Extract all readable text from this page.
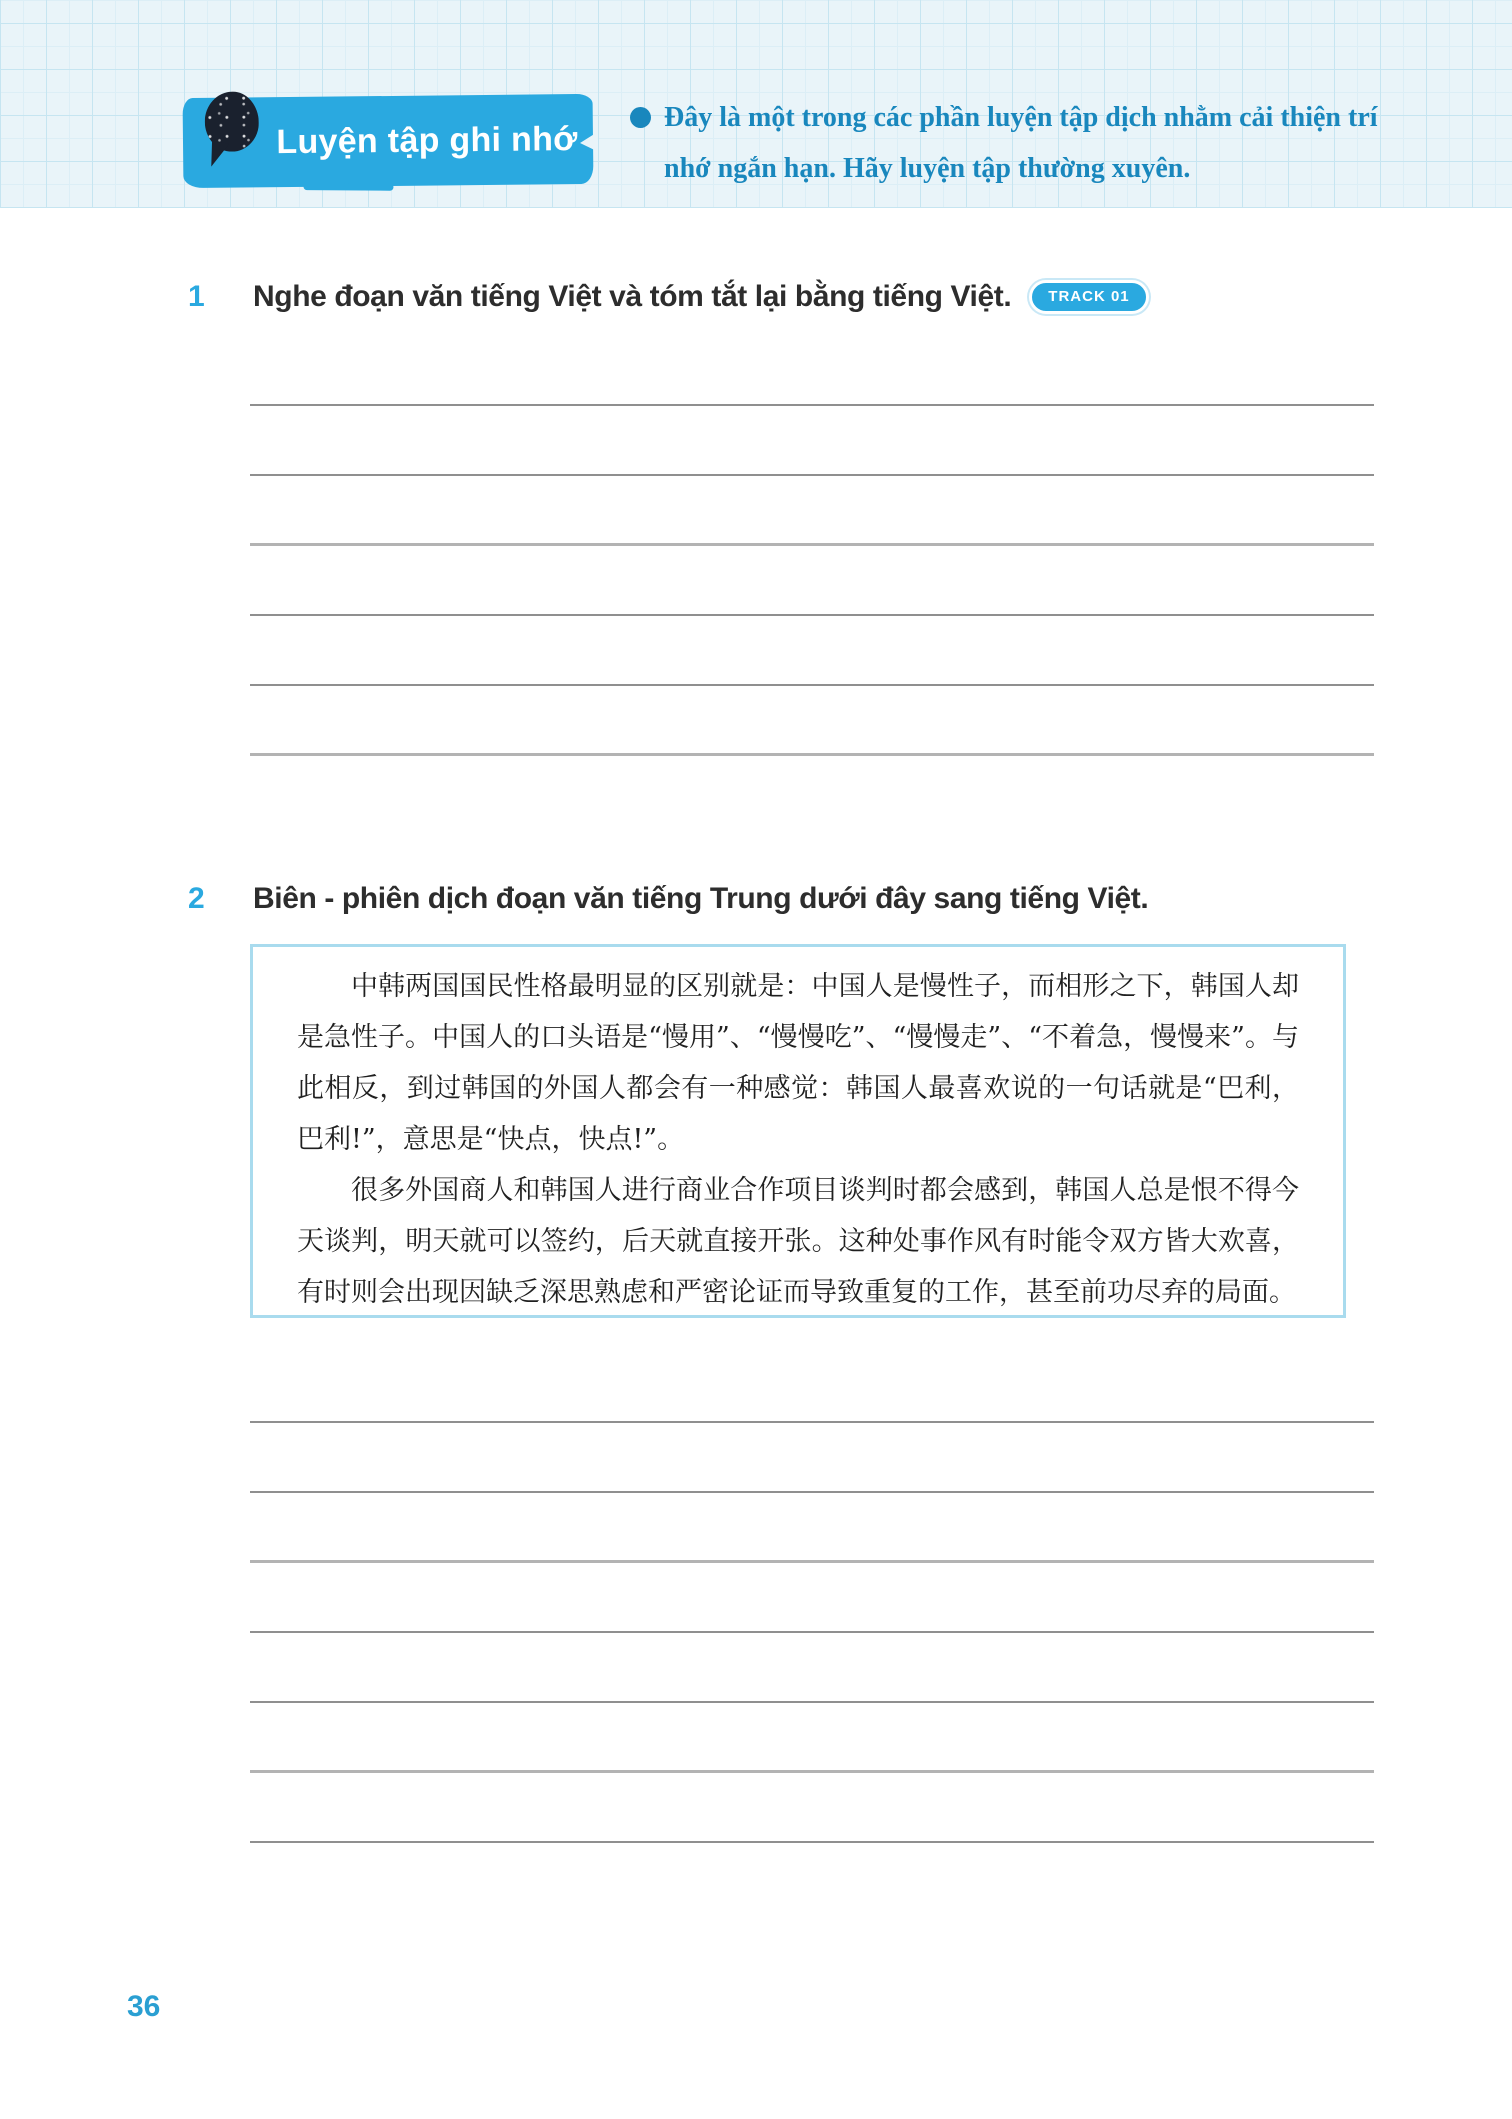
Luyện tập ghi nhớ
Đây là một trong các phần luyện tập dịch nhằm cải thiện trí nhớ ngắn hạn. Hãy luyện tập thường xuyên.
1	Nghe đoạn văn tiếng Việt và tóm tắt lại bằng tiếng Việt.	TRACK 01
2	Biên - phiên dịch đoạn văn tiếng Trung dưới đây sang tiếng Việt.

中韩两国国民性格最明显的区别就是：中国人是慢性子，而相形之下，韩国人却是急性子。中国人的口头语是“慢用”、“慢慢吃”、“慢慢走”、“不着急，慢慢来”。与此相反，到过韩国的外国人都会有一种感觉：韩国人最喜欢说的一句话就是“巴利，巴利!”，意思是“快点，快点!”。

很多外国商人和韩国人进行商业合作项目谈判时都会感到，韩国人总是恨不得今天谈判，明天就可以签约，后天就直接开张。这种处事作风有时能令双方皆大欢喜，有时则会出现因缺乏深思熟虑和严密论证而导致重复的工作，甚至前功尽弃的局面。

36
